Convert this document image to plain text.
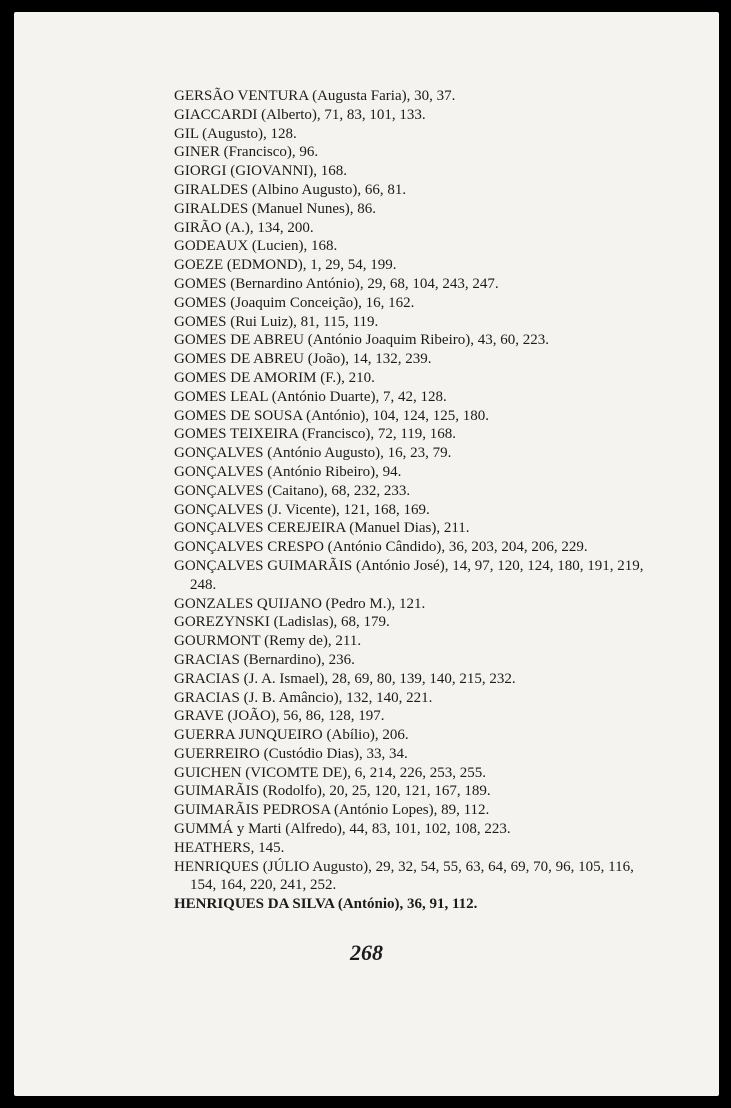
GERSÃO VENTURA (Augusta Faria), 30, 37.
GIACCARDI (Alberto), 71, 83, 101, 133.
GIL (Augusto), 128.
GINER (Francisco), 96.
GIORGI (GIOVANNI), 168.
GIRALDES (Albino Augusto), 66, 81.
GIRALDES (Manuel Nunes), 86.
GIRÃO (A.), 134, 200.
GODEAUX (Lucien), 168.
GOEZE (EDMOND), 1, 29, 54, 199.
GOMES (Bernardino António), 29, 68, 104, 243, 247.
GOMES (Joaquim Conceição), 16, 162.
GOMES (Rui Luiz), 81, 115, 119.
GOMES DE ABREU (António Joaquim Ribeiro), 43, 60, 223.
GOMES DE ABREU (João), 14, 132, 239.
GOMES DE AMORIM (F.), 210.
GOMES LEAL (António Duarte), 7, 42, 128.
GOMES DE SOUSA (António), 104, 124, 125, 180.
GOMES TEIXEIRA (Francisco), 72, 119, 168.
GONÇALVES (António Augusto), 16, 23, 79.
GONÇALVES (António Ribeiro), 94.
GONÇALVES (Caitano), 68, 232, 233.
GONÇALVES (J. Vicente), 121, 168, 169.
GONÇALVES CEREJEIRA (Manuel Dias), 211.
GONÇALVES CRESPO (António Cândido), 36, 203, 204, 206, 229.
GONÇALVES GUIMARÃIS (António José), 14, 97, 120, 124, 180, 191, 219, 248.
GONZALES QUIJANO (Pedro M.), 121.
GOREZYNSKI (Ladislas), 68, 179.
GOURMONT (Remy de), 211.
GRACIAS (Bernardino), 236.
GRACIAS (J. A. Ismael), 28, 69, 80, 139, 140, 215, 232.
GRACIAS (J. B. Amâncio), 132, 140, 221.
GRAVE (JOÃO), 56, 86, 128, 197.
GUERRA JUNQUEIRO (Abílio), 206.
GUERREIRO (Custódio Dias), 33, 34.
GUICHEN (VICOMTE DE), 6, 214, 226, 253, 255.
GUIMARÃIS (Rodolfo), 20, 25, 120, 121, 167, 189.
GUIMARÃIS PEDROSA (António Lopes), 89, 112.
GUMMÁ y Marti (Alfredo), 44, 83, 101, 102, 108, 223.
HEATHERS, 145.
HENRIQUES (JÚLIO Augusto), 29, 32, 54, 55, 63, 64, 69, 70, 96, 105, 116, 154, 164, 220, 241, 252.
HENRIQUES DA SILVA (António), 36, 91, 112.
268
